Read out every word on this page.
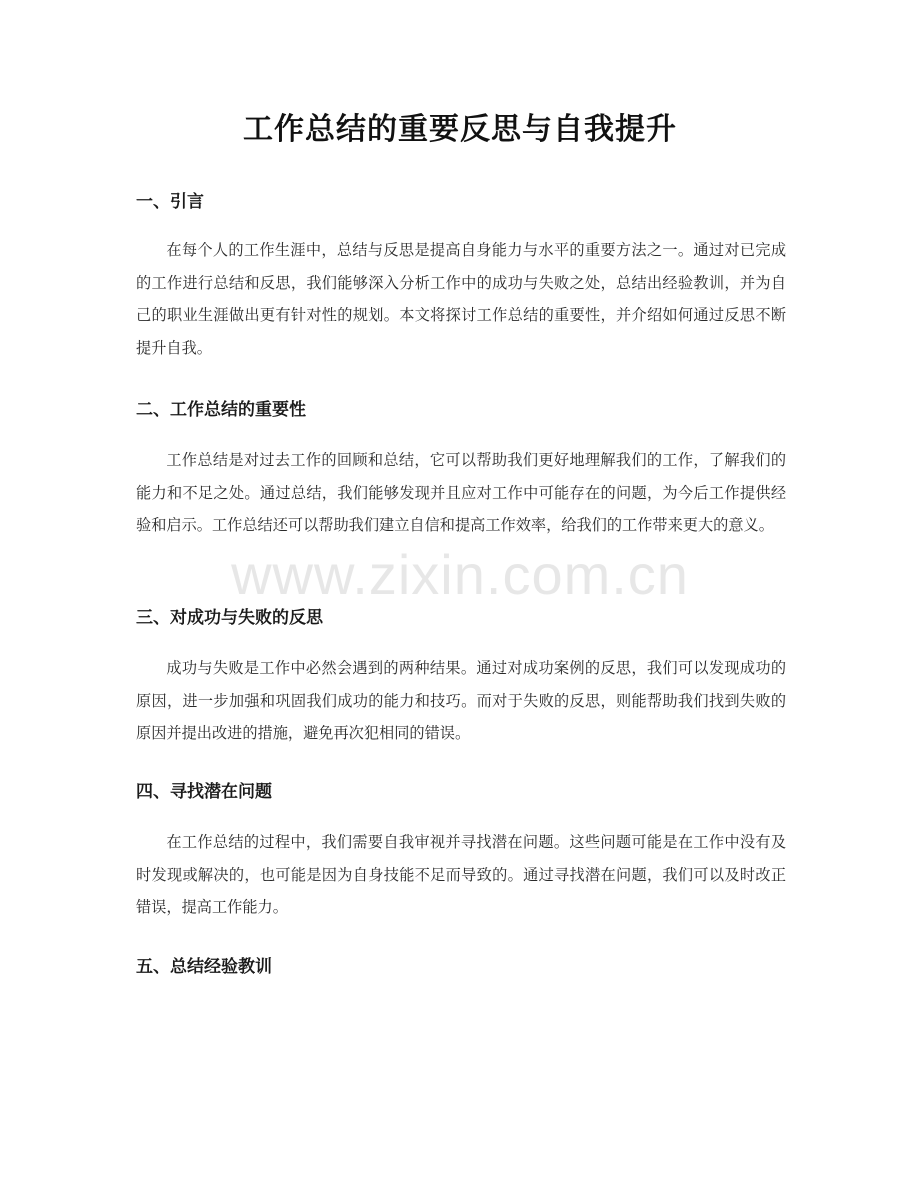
工作总结的重要反思与自我提升
一、引言

在每个人的工作生涯中，总结与反思是提高自身能力与水平的重要方法之一。通过对已完成的工作进行总结和反思，我们能够深入分析工作中的成功与失败之处，总结出经验教训，并为自己的职业生涯做出更有针对性的规划。本文将探讨工作总结的重要性，并介绍如何通过反思不断提升自我。

二、工作总结的重要性

工作总结是对过去工作的回顾和总结，它可以帮助我们更好地理解我们的工作，了解我们的能力和不足之处。通过总结，我们能够发现并且应对工作中可能存在的问题，为今后工作提供经验和启示。工作总结还可以帮助我们建立自信和提高工作效率，给我们的工作带来更大的意义。

三、对成功与失败的反思

成功与失败是工作中必然会遇到的两种结果。通过对成功案例的反思，我们可以发现成功的原因，进一步加强和巩固我们成功的能力和技巧。而对于失败的反思，则能帮助我们找到失败的原因并提出改进的措施，避免再次犯相同的错误。

四、寻找潜在问题

在工作总结的过程中，我们需要自我审视并寻找潜在问题。这些问题可能是在工作中没有及时发现或解决的，也可能是因为自身技能不足而导致的。通过寻找潜在问题，我们可以及时改正错误，提高工作能力。

五、总结经验教训
www.zixin.com.cn
